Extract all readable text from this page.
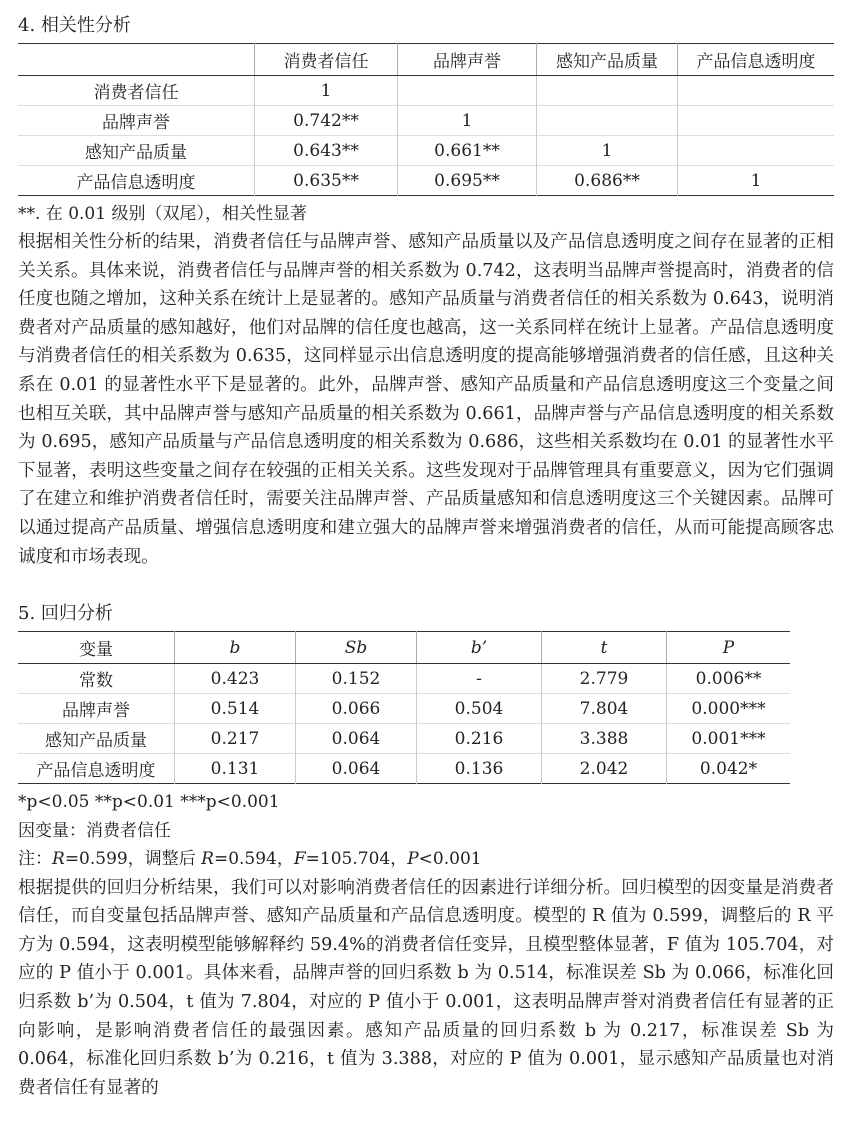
4. 相关性分析
	消费者信任	品牌声誉	感知产品质量	产品信息透明度
消费者信任	1			
品牌声誉	0.742**	1		
感知产品质量	0.643**	0.661**	1	
产品信息透明度	0.635**	0.695**	0.686**	1
**. 在 0.01 级别（双尾），相关性显著

根据相关性分析的结果，消费者信任与品牌声誉、感知产品质量以及产品信息透明度之间存在显著的正相关关系。具体来说，消费者信任与品牌声誉的相关系数为 0.742，这表明当品牌声誉提高时，消费者的信任度也随之增加，这种关系在统计上是显著的。感知产品质量与消费者信任的相关系数为 0.643，说明消费者对产品质量的感知越好，他们对品牌的信任度也越高，这一关系同样在统计上显著。产品信息透明度与消费者信任的相关系数为 0.635，这同样显示出信息透明度的提高能够增强消费者的信任感，且这种关系在 0.01 的显著性水平下是显著的。此外，品牌声誉、感知产品质量和产品信息透明度这三个变量之间也相互关联，其中品牌声誉与感知产品质量的相关系数为 0.661，品牌声誉与产品信息透明度的相关系数为 0.695，感知产品质量与产品信息透明度的相关系数为 0.686，这些相关系数均在 0.01 的显著性水平下显著，表明这些变量之间存在较强的正相关关系。这些发现对于品牌管理具有重要意义，因为它们强调了在建立和维护消费者信任时，需要关注品牌声誉、产品质量感知和信息透明度这三个关键因素。品牌可以通过提高产品质量、增强信息透明度和建立强大的品牌声誉来增强消费者的信任，从而可能提高顾客忠诚度和市场表现。

5. 回归分析
变量	b	Sb	b’	t	P
常数	0.423	0.152	-	2.779	0.006**
品牌声誉	0.514	0.066	0.504	7.804	0.000***
感知产品质量	0.217	0.064	0.216	3.388	0.001***
产品信息透明度	0.131	0.064	0.136	2.042	0.042*
*p<0.05 **p<0.01 ***p<0.001
因变量：消费者信任
注：R=0.599，调整后 R=0.594，F=105.704，P<0.001

根据提供的回归分析结果，我们可以对影响消费者信任的因素进行详细分析。回归模型的因变量是消费者信任，而自变量包括品牌声誉、感知产品质量和产品信息透明度。模型的 R 值为 0.599，调整后的 R 平方为 0.594，这表明模型能够解释约 59.4%的消费者信任变异，且模型整体显著，F 值为 105.704，对应的 P 值小于 0.001。具体来看，品牌声誉的回归系数 b 为 0.514，标准误差 Sb 为 0.066，标准化回归系数 b’为 0.504，t 值为 7.804，对应的 P 值小于 0.001，这表明品牌声誉对消费者信任有显著的正向影响，是影响消费者信任的最强因素。感知产品质量的回归系数 b 为 0.217，标准误差 Sb 为 0.064，标准化回归系数 b’为 0.216，t 值为 3.388，对应的 P 值为 0.001，显示感知产品质量也对消费者信任有显著的
